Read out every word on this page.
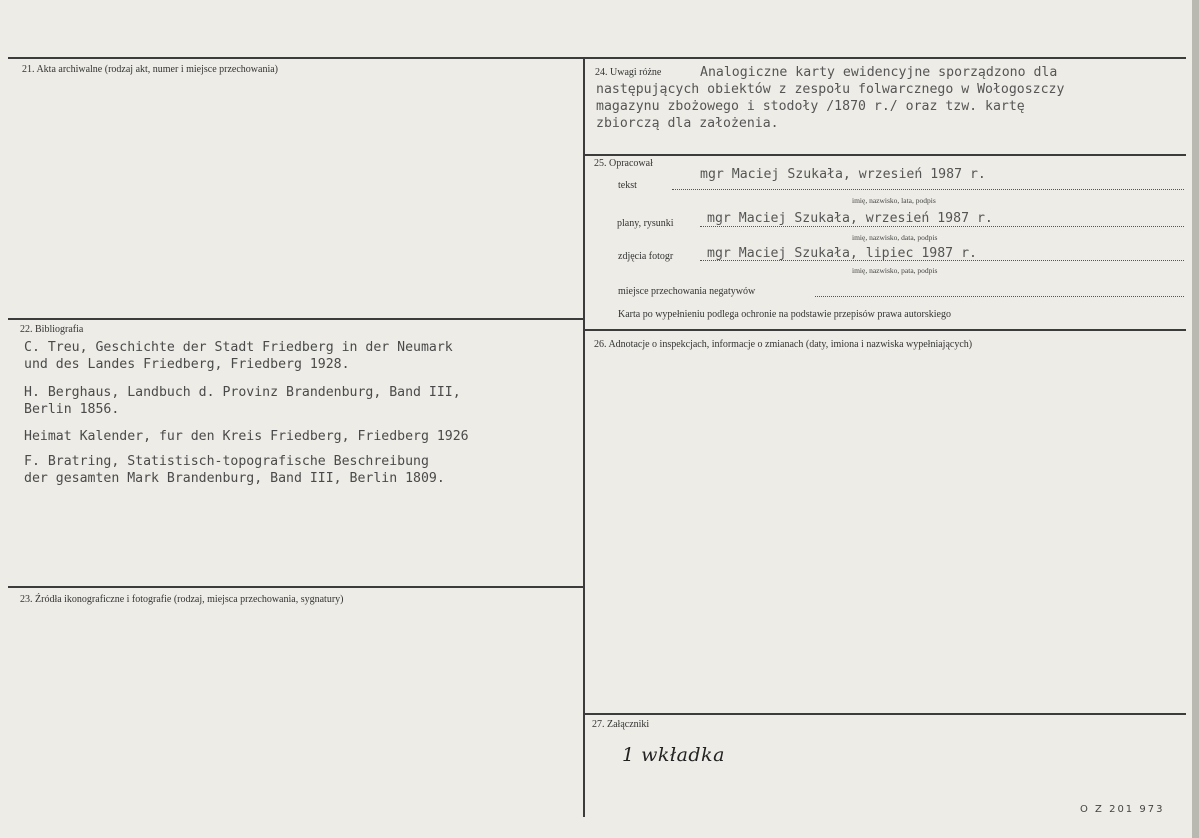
21. Akta archiwalne (rodzaj akt, numer i miejsce przechowania)
22. Bibliografia
C. Treu, Geschichte der Stadt Friedberg in der Neumark
und des Landes Friedberg, Friedberg 1928.
H. Berghaus, Landbuch d. Provinz Brandenburg, Band III,
Berlin 1856.
Heimat Kalender, fur den Kreis Friedberg, Friedberg 1926
F. Bratring, Statistisch-topografische Beschreibung
der gesamten Mark Brandenburg, Band III, Berlin 1809.
23. Źródła ikonograficzne i fotografie (rodzaj, miejsca przechowania, sygnatury)
24. Uwagi różne	Analogiczne karty ewidencyjne sporządzono dla
następujących obiektów z zespołu folwarcznego w Wołogoszczy
magazynu zbożowego i stodoły /1870 r./ oraz tzw. kartę
zbiorczą dla założenia.
25. Opracował
tekst
mgr Maciej Szukała, wrzesień 1987 r.
imię, nazwisko, lata, podpis
plany, rysunki	mgr Maciej Szukała, wrzesień 1987 r.
imię, nazwisko, data, podpis
zdjęcia fotogr	mgr Maciej Szukała, lipiec 1987 r.
imię, nazwisko, pata, podpis
miejsce przechowania negatywów
Karta po wypełnieniu podlega ochronie na podstawie przepisów prawa autorskiego
26. Adnotacje o inspekcjach, informacje o zmianach (daty, imiona i nazwiska wypełniających)
27. Załączniki
1 wkładka
O Z 201 973
